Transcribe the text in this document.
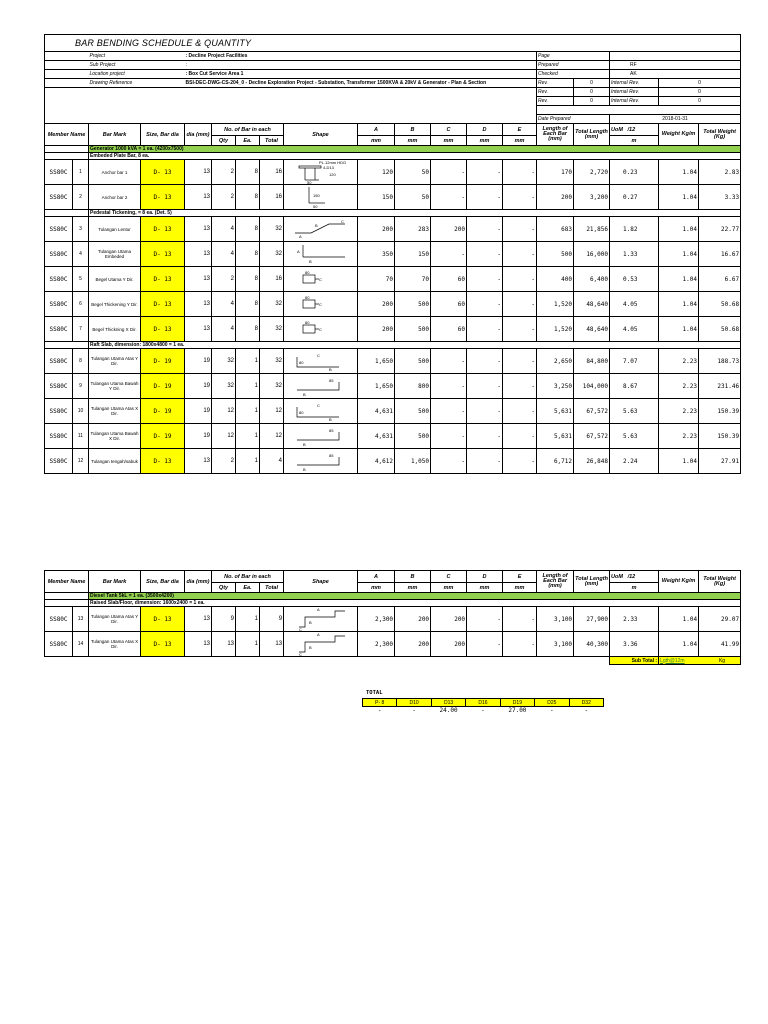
BAR BENDING SCHEDULE & QUANTITY																			
		Project		: Decline Project Facilities										Page					
		Sub Project		:										Prepared		RF			
		Location project		: Box Cut Service Area 1										Checked		AK			
		Drawing Reference		BSI-DEC-DWG-CS-204_0 - Decline Exploration Project - Substation, Transformer 1500KVA & 20kV & Generator - Plan & Section										Rev.	0	Internal Rev.		0	
														Rev.	0	Internal Rev.		0	
														Rev.	0	Internal Rev.		0	

														Date Prepared		2018-01-31			
Member Name		Bar Mark	Size, Bar dia	dia (mm)	No. of Bar in each			Shape	A	B	C	D	E	Length of Each Bar (mm)	Total Length (mm)	UoM /12		Weight Kg/m	Total Weight (Kg)
					Qty	Ea.	Total		mm	mm	mm	mm	mm			m			
		Generator 1000 kVA = 1 ea. (4200x7500)																	
		Embeded Plate Bar, 8 ea.																	
SS80C	1	Anchor bar 1	D- 13	13	2	8	16	PL.12mm HDG
4-D13
120
50	120	50	-	-	-	170	2,720	0.23		1.04	2.83
SS80C	2	Anchor bar 2	D- 13	13	2	8	16	150
50	150	50	-	-	-	200	3,200	0.27		1.04	3.33
		Pedestal Tickening, = 8 ea. (Det. 5)																	
SS80C	3	Tulangan Lentur	D- 13	13	4	8	32	A
B
C	200	283	200	-	-	683	21,856	1.82		1.04	22.77
SS80C	4	Tulangan Utama Embeded	D- 13	13	4	8	32	A
B	350	150	-	-	-	500	16,000	1.33		1.04	16.67
SS80C	5	Begel Utama Y Dir.	D- 13	13	2	8	16	80
C	70	70	60	-	-	400	6,400	0.53		1.04	6.67
SS80C	6	Begel Thickening Y Dir.	D- 13	13	4	8	32	80
C	200	500	60	-	-	1,520	48,640	4.05		1.04	50.68
SS80C	7	Begel Thickning X Dir.	D- 13	13	4	8	32	80
C	200	500	60	-	-	1,520	48,640	4.05		1.04	50.68
		Raft Slab, dimension: 1800x4800 = 1 ea.																	
SS80C	8	Tulangan Utama Atas Y Dir.	D- 19	19	32	1	32	C
80
B	1,650	500	-	-	-	2,650	84,800	7.07		2.23	188.73
SS80C	9	Tulangan Utama Bawah Y Dir.	D- 19	19	32	1	32	85
B	1,650	800	-	-	-	3,250	104,000	8.67		2.23	231.46
SS80C	10	Tulangan Utama Atas X Dir.	D- 19	19	12	1	12	C
80
B	4,631	500	-	-	-	5,631	67,572	5.63		2.23	150.39
SS80C	11	Tulangan Utama Bawah X Dir.	D- 19	19	12	1	12	85
B	4,631	500	-	-	-	5,631	67,572	5.63		2.23	150.39
SS80C	12	Tulangan tengah/sabuk	D- 13	13	2	1	4	85
B	4,612	1,050	-	-	-	6,712	26,848	2.24		1.04	27.91
Member Name		Bar Mark	Size, Bar dia	dia (mm)	No. of Bar in each			Shape	A	B	C	D	E	Length of Each Bar (mm)	Total Length (mm)	UoM /12		Weight Kg/m	Total Weight (Kg)
					Qty	Ea.	Total		mm	mm	mm	mm	mm			m			
		Diesel Tank 5kL = 1 ea. (3500x4200)																	
		Raised Slab/Floor, dimension: 1600x2400 = 1 ea.																	
SS80C	13	Tulangan Utama Atas Y Dir.	D- 13	13	9	1	9	A
C
B	2,300	200	200	-	-	3,100	27,900	2.33		1.04	29.07
SS80C	14	Tulangan Utama Atas X Dir.	D- 13	13	13	1	13	A
C
B	2,300	200	200	-	-	3,100	40,300	3.36		1.04	41.99
																Sub Total :		Lgth@12m Kg	
TOTAL
P- 8	D10	D13	D16	D19	D25	D32
-	-	24.00	-	27.00	-	-
